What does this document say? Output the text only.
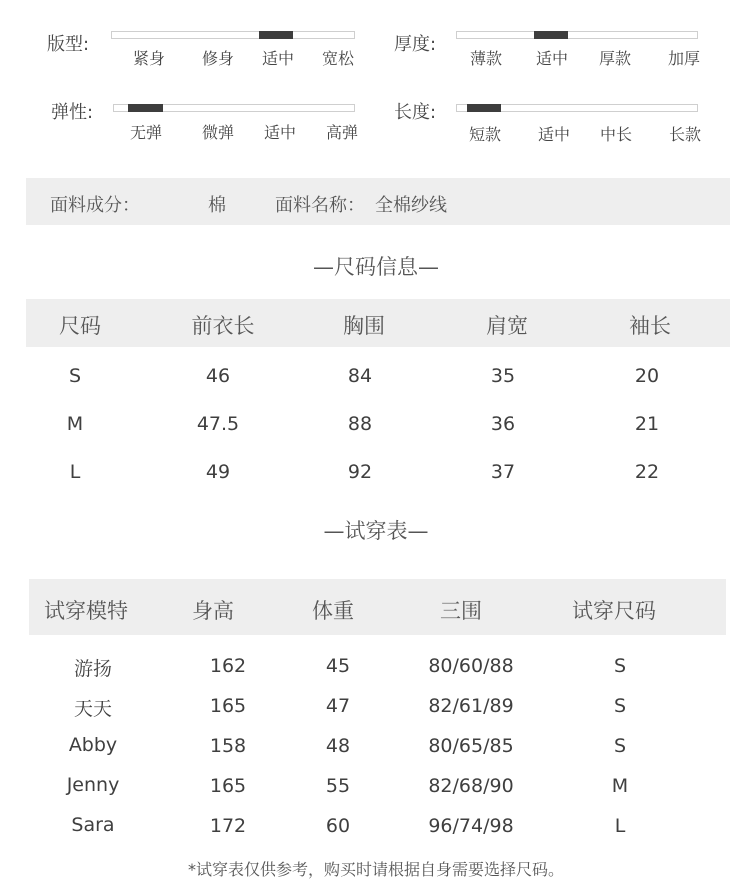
版型:
紧身 修身 适中 宽松
厚度:
薄款 适中 厚款 加厚
弹性:
无弹 微弹 适中 高弹
长度:
短款 适中 中长 长款
面料成分：	棉	面料名称： 全棉纱线
—尺码信息—
尺码	前衣长	胸围	肩宽	袖长
S	46	84	35	20
M	47.5	88	36	21
L	49	92	37	22
—试穿表—
试穿模特	身高	体重	三围	试穿尺码
游扬	162	45	80/60/88	S
天天	165	47	82/61/89	S
Abby	158	48	80/65/85	S
Jenny	165	55	82/68/90	M
Sara	172	60	96/74/98	L
*试穿表仅供参考，购买时请根据自身需要选择尺码。
